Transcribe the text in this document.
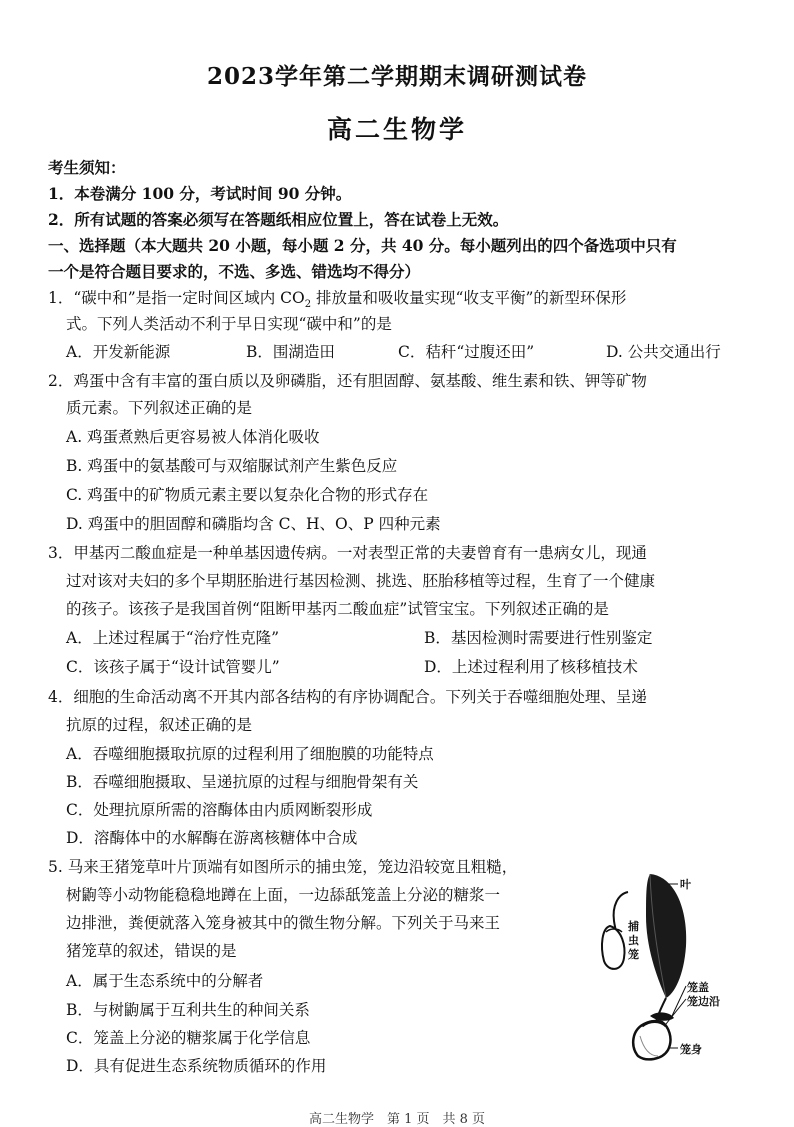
2023学年第二学期期末调研测试卷
高二生物学
考生须知：
1．本卷满分 100 分，考试时间 90 分钟。
2．所有试题的答案必须写在答题纸相应位置上，答在试卷上无效。
一、选择题（本大题共 20 小题，每小题 2 分，共 40 分。每小题列出的四个备选项中只有
一个是符合题目要求的，不选、多选、错选均不得分）
1．“碳中和”是指一定时间区域内 $CO_2$ 排放量和吸收量实现“收支平衡”的新型环保形
式。下列人类活动不利于早日实现“碳中和”的是
A．开发新能源	B．围湖造田	C．秸秆“过腹还田”	D. 公共交通出行
2．鸡蛋中含有丰富的蛋白质以及卵磷脂，还有胆固醇、氨基酸、维生素和铁、钾等矿物
质元素。下列叙述正确的是
A. 鸡蛋煮熟后更容易被人体消化吸收
B. 鸡蛋中的氨基酸可与双缩脲试剂产生紫色反应
C. 鸡蛋中的矿物质元素主要以复杂化合物的形式存在
D. 鸡蛋中的胆固醇和磷脂均含 C、H、O、P 四种元素
3．甲基丙二酸血症是一种单基因遗传病。一对表型正常的夫妻曾育有一患病女儿，现通
过对该对夫妇的多个早期胚胎进行基因检测、挑选、胚胎移植等过程，生育了一个健康
的孩子。该孩子是我国首例“阻断甲基丙二酸血症”试管宝宝。下列叙述正确的是
A．上述过程属于“治疗性克隆”	B．基因检测时需要进行性别鉴定
C．该孩子属于“设计试管婴儿”	D．上述过程利用了核移植技术
4．细胞的生命活动离不开其内部各结构的有序协调配合。下列关于吞噬细胞处理、呈递
抗原的过程，叙述正确的是
A．吞噬细胞摄取抗原的过程利用了细胞膜的功能特点
B．吞噬细胞摄取、呈递抗原的过程与细胞骨架有关
C．处理抗原所需的溶酶体由内质网断裂形成
D．溶酶体中的水解酶在游离核糖体中合成
5. 马来王猪笼草叶片顶端有如图所示的捕虫笼，笼边沿较宽且粗糙，
树鼩等小动物能稳稳地蹲在上面，一边舔舐笼盖上分泌的糖浆一
边排泄，粪便就落入笼身被其中的微生物分解。下列关于马来王
猪笼草的叙述，错误的是
A．属于生态系统中的分解者
B．与树鼩属于互利共生的种间关系
C．笼盖上分泌的糖浆属于化学信息
D．具有促进生态系统物质循环的作用
叶
捕
虫
笼
笼盖
笼边沿
笼身
高二生物学　第 1 页　共 8 页
